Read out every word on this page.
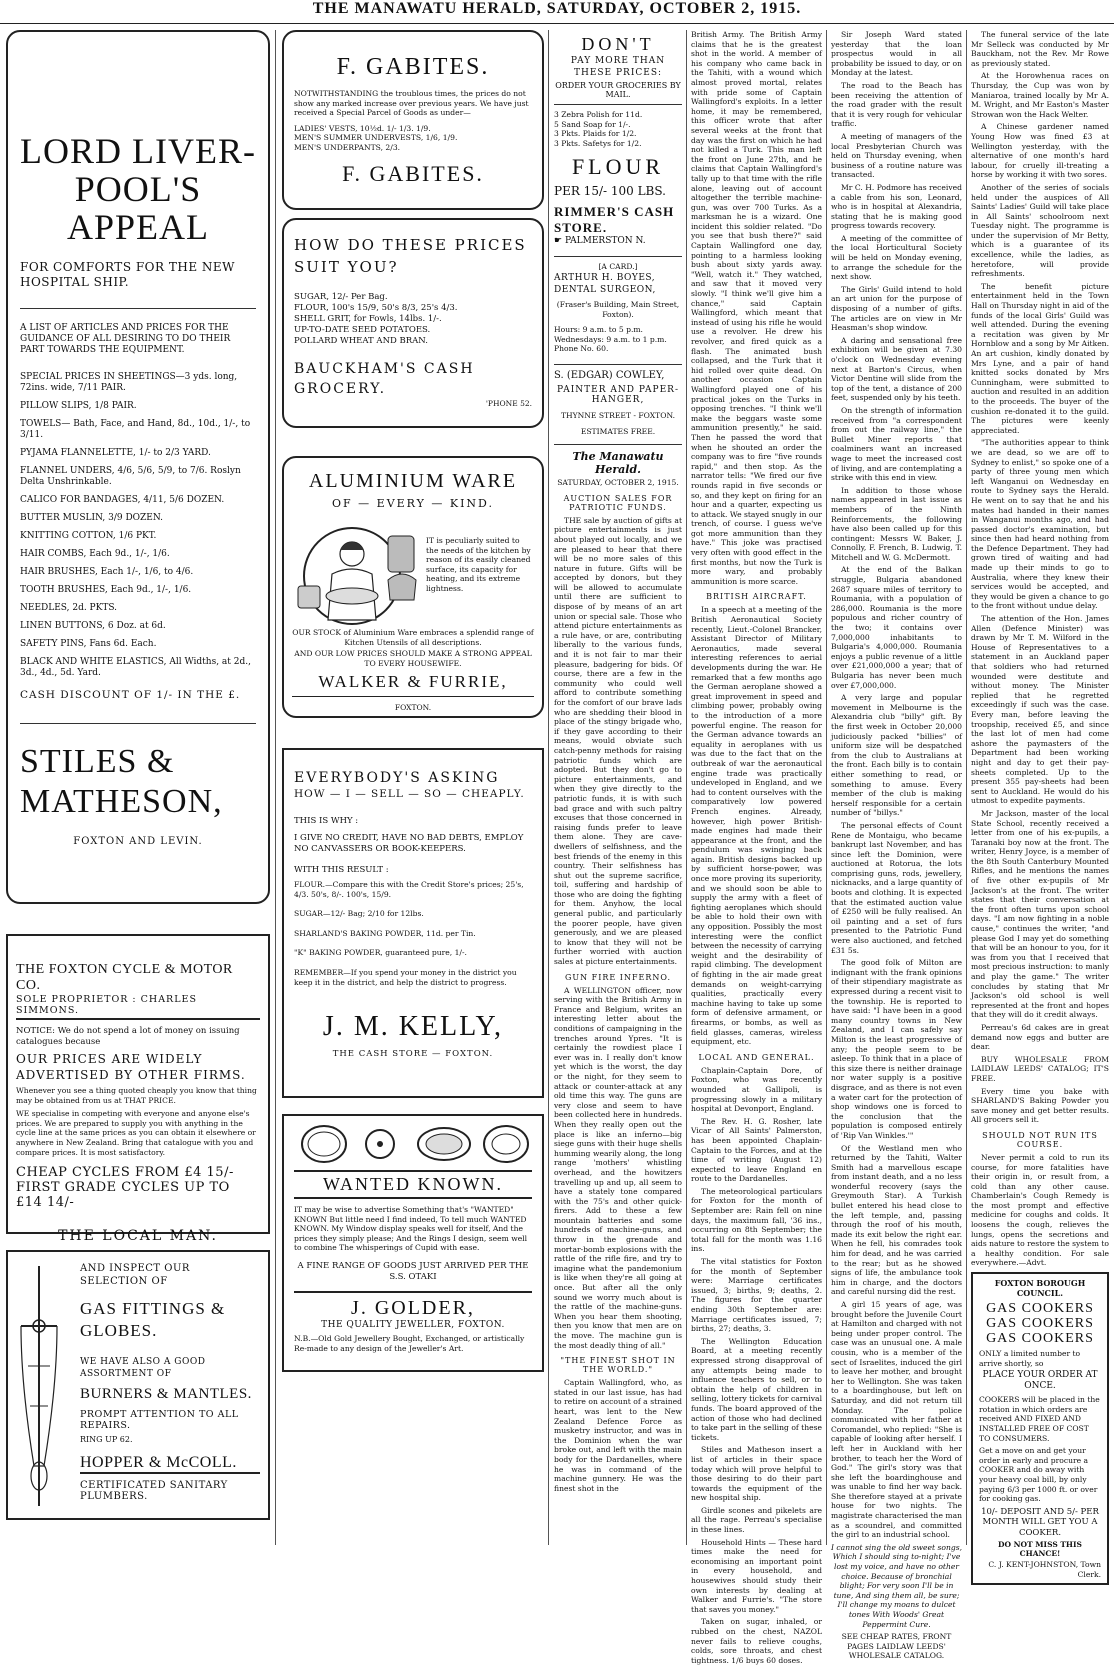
THE MANAWATU HERALD, SATURDAY, OCTOBER 2, 1915.
LORD LIVER-POOL'S APPEAL
FOR COMFORTS FOR THE NEW HOSPITAL SHIP.
A LIST OF ARTICLES AND PRICES FOR THE GUIDANCE OF ALL DESIRING TO DO THEIR PART TOWARDS THE EQUIPMENT.

SPECIAL PRICES IN SHEETINGS—3 yds. long, 72ins. wide, 7/11 PAIR.

PILLOW SLIPS, 1/8 PAIR.

TOWELS— Bath, Face, and Hand, 8d., 10d., 1/-, to 3/11.

PYJAMA FLANNELETTE, 1/- to 2/3 YARD.

FLANNEL UNDERS, 4/6, 5/6, 5/9, to 7/6. Roslyn Delta Unshrinkable.

CALICO FOR BANDAGES, 4/11, 5/6 DOZEN.

BUTTER MUSLIN, 3/9 DOZEN.

KNITTING COTTON, 1/6 PKT.

HAIR COMBS, Each 9d., 1/-, 1/6.

HAIR BRUSHES, Each 1/-, 1/6, to 4/6.

TOOTH BRUSHES, Each 9d., 1/-, 1/6.

NEEDLES, 2d. PKTS.

LINEN BUTTONS, 6 Doz. at 6d.

SAFETY PINS, Fans 6d. Each.

BLACK AND WHITE ELASTICS, All Widths, at 2d., 3d., 4d., 5d. Yard.

CASH DISCOUNT OF 1/- IN THE £.
STILES & MATHESON,
FOXTON AND LEVIN.
THE FOXTON CYCLE & MOTOR CO.
SOLE PROPRIETOR : CHARLES SIMMONS.
NOTICE: We do not spend a lot of money on issuing catalogues because
OUR PRICES ARE WIDELY ADVERTISED BY OTHER FIRMS.
Whenever you see a thing quoted cheaply you know that thing may be obtained from us at THAT PRICE.
WE specialise in competing with everyone and anyone else's prices. We are prepared to supply you with anything in the cycle line at the same prices as you can obtain it elsewhere or anywhere in New Zealand. Bring that catalogue with you and compare prices. It is most satisfactory.
CHEAP CYCLES FROM £4 15/-
FIRST GRADE CYCLES UP TO £14 14/-
THE LOCAL MAN.
AND INSPECT OUR SELECTION OF
GAS FITTINGS & GLOBES.
WE HAVE ALSO A GOOD ASSORTMENT OF
BURNERS & MANTLES.
PROMPT ATTENTION TO ALL REPAIRS.
RING UP 62.
HOPPER & McCOLL.
CERTIFICATED SANITARY PLUMBERS.
F. GABITES.
NOTWITHSTANDING the troublous times, the prices do not show any marked increase over previous years. We have just received a Special Parcel of Goods as under—
LADIES' VESTS, 10½d. 1/- 1/3. 1/9.
MEN'S SUMMER UNDERVESTS, 1/6, 1/9.
MEN'S UNDERPANTS, 2/3.
F. GABITES.
HOW DO THESE PRICES SUIT YOU?
SUGAR, 12/- Per Bag.
FLOUR, 100's 15/9, 50's 8/3, 25's 4/3.
SHELL GRIT, for Fowls, 14lbs. 1/-.
UP-TO-DATE SEED POTATOES.
POLLARD WHEAT AND BRAN.
BAUCKHAM'S CASH GROCERY.
'PHONE 52.
ALUMINIUM WARE
OF — EVERY — KIND.
IT is peculiarly suited to the needs of the kitchen by reason of its easily cleaned surface, its capacity for heating, and its extreme lightness.
OUR STOCK of Aluminium Ware embraces a splendid range of Kitchen Utensils of all descriptions.
AND OUR LOW PRICES SHOULD MAKE A STRONG APPEAL TO EVERY HOUSEWIFE.
WALKER & FURRIE,
FOXTON.
EVERYBODY'S ASKING
HOW — I — SELL — SO — CHEAPLY.
THIS IS WHY :
I GIVE NO CREDIT, HAVE NO BAD DEBTS, EMPLOY NO CANVASSERS OR BOOK-KEEPERS.
WITH THIS RESULT :
FLOUR.—Compare this with the Credit Store's prices; 25's, 4/3. 50's, 8/-. 100's, 15/9.
SUGAR—12/- Bag; 2/10 for 12lbs.
SHARLAND'S BAKING POWDER, 11d. per Tin.
"K" BAKING POWDER, guaranteed pure, 1/-.
REMEMBER—If you spend your money in the district you keep it in the district, and help the district to progress.
J. M. KELLY,
THE CASH STORE — FOXTON.
WANTED KNOWN.
IT may be wise to advertise Something that's "WANTED" KNOWN But little need I find indeed, To tell much WANTED KNOWN. My Window display speaks well for itself, And the prices they simply please; And the Rings I design, seem well to combine The whisperings of Cupid with ease.
A FINE RANGE OF GOODS JUST ARRIVED PER THE S.S. OTAKI
J. GOLDER,
THE QUALITY JEWELLER, FOXTON.
N.B.—Old Gold Jewellery Bought, Exchanged, or artistically Re-made to any design of the Jeweller's Art.
DON'T
PAY MORE THAN THESE PRICES:
ORDER YOUR GROCERIES BY MAIL.
3 Zebra Polish for 11d.
5 Sand Soap for 1/-.
3 Pkts. Plaids for 1/2.
3 Pkts. Safetys for 1/2.
FLOUR
PER 15/- 100 LBS.
RIMMER'S CASH STORE.
☛ PALMERSTON N.
[A CARD.]
ARTHUR H. BOYES, DENTAL SURGEON,
(Fraser's Building, Main Street, Foxton).
Hours: 9 a.m. to 5 p.m. Wednesdays: 9 a.m. to 1 p.m. Phone No. 60.
S. (EDGAR) COWLEY,
PAINTER AND PAPER-HANGER,
THYNNE STREET - FOXTON.
ESTIMATES FREE.
The Manawatu Herald.
SATURDAY, OCTOBER 2, 1915.
AUCTION SALES FOR PATRIOTIC FUNDS.

THE sale by auction of gifts at picture entertainments is just about played out locally, and we are pleased to hear that there will be no more sales of this nature in future. Gifts will be accepted by donors, but they will be allowed to accumulate until there are sufficient to dispose of by means of an art union or special sale. Those who attend picture entertainments as a rule have, or are, contributing liberally to the various funds, and it is not fair to mar their pleasure, badgering for bids. Of course, there are a few in the community who could well afford to contribute something for the comfort of our brave lads who are shedding their blood in place of the stingy brigade who, if they gave according to their means, would obviate such catch-penny methods for raising patriotic funds which are adopted. But they don't go to picture entertainments, and when they give directly to the patriotic funds, it is with such bad grace and with such paltry excuses that those concerned in raising funds prefer to leave them alone. They are cave-dwellers of selfishness, and the best friends of the enemy in this country. Their selfishness has shut out the supreme sacrifice, toil, suffering and hardship of those who are doing the fighting for them. Anyhow, the local general public, and particularly the poorer people, have given generously, and we are pleased to know that they will not be further worried with auction sales at picture entertainments.

GUN FIRE INFERNO.

A WELLINGTON officer, now serving with the British Army in France and Belgium, writes an interesting letter about the conditions of campaigning in the trenches around Ypres. "It is certainly the rowdiest place I ever was in. I really don't know yet which is the worst, the day or the night, for they seem to attack or counter-attack at any old time this way. The guns are very close and seem to have been collected here in hundreds. When they really open out the place is like an inferno—big siege guns with their huge shells humming wearily along, the long range 'mothers' whistling overhead, and the howitzers travelling up and up, all seem to have a stately tone compared with the 75's and other quick-firers. Add to these a few mountain batteries and some hundreds of machine-guns, and throw in the grenade and mortar-bomb explosions with the rattle of the rifle fire, and try to imagine what the pandemonium is like when they're all going at once. But after all the only sound we worry much about is the rattle of the machine-guns. When you hear them shooting, then you know that men are on the move. The machine gun is the most deadly thing of all."

"THE FINEST SHOT IN THE WORLD."

Captain Wallingford, who, as stated in our last issue, has had to retire on account of a strained heart, was lent to the New Zealand Defence Force as musketry instructor, and was in the Dominion when the war broke out, and left with the main body for the Dardanelles, where he was in command of the machine gunnery. He was the finest shot in the

British Army. The British Army claims that he is the greatest shot in the world. A member of his company who came back in the Tahiti, with a wound which almost proved mortal, relates with pride some of Captain Wallingford's exploits. In a letter home, it may be remembered, this officer wrote that after several weeks at the front that day was the first on which he had not killed a Turk. This man left the front on June 27th, and he claims that Captain Wallingford's tally up to that time with the rifle alone, leaving out of account altogether the terrible machine-gun, was over 700 Turks. As a marksman he is a wizard. One incident this soldier related. "Do you see that bush there?" said Captain Wallingford one day, pointing to a harmless looking bush about sixty yards away. "Well, watch it." They watched, and saw that it moved very slowly. "I think we'll give him a chance," said Captain Wallingford, which meant that instead of using his rifle he would use a revolver. He drew his revolver, and fired quick as a flash. The animated bush collapsed, and the Turk that it hid rolled over quite dead. On another occasion Captain Wallingford played one of his practical jokes on the Turks in opposing trenches. "I think we'll make the beggars waste some ammunition presently," he said. Then he passed the word that when he shouted an order the company was to fire "five rounds rapid," and then stop. As the narrator tells: "We fired our five rounds rapid in five seconds or so, and they kept on firing for an hour and a quarter, expecting us to attack. We stayed snugly in our trench, of course. I guess we've got more ammunition than they have." This joke was practised very often with good effect in the first months, but now the Turk is more wary, and probably ammunition is more scarce.

BRITISH AIRCRAFT.

In a speech at a meeting of the British Aeronautical Society recently, Lieut.-Colonel Brancker, Assistant Director of Military Aeronautics, made several interesting references to aerial developments during the war. He remarked that a few months ago the German aeroplane showed a great improvement in speed and climbing power, probably owing to the introduction of a more powerful engine. The reason for the German advance towards an equality in aeroplanes with us was due to the fact that on the outbreak of war the aeronautical engine trade was practically undeveloped in England, and we had to content ourselves with the comparatively low powered French engines. Already, however, high power British-made engines had made their appearance at the front, and the pendulum was swinging back again. British designs backed up by sufficient horse-power, was once more proving its superiority, and we should soon be able to supply the army with a fleet of fighting aeroplanes which should be able to hold their own with any opposition. Possibly the most interesting were the conflict between the necessity of carrying weight and the desirability of rapid climbing. The development of fighting in the air made great demands on weight-carrying qualities, practically every machine having to take up some form of defensive armament, or firearms, or bombs, as well as field glasses, cameras, wireless equipment, etc.

LOCAL AND GENERAL.

Chaplain-Captain Dore, of Foxton, who was recently wounded at Gallipoli, is progressing slowly in a military hospital at Devonport, England.

The Rev. H. G. Rosher, late Vicar of All Saints' Palmerston, has been appointed Chaplain-Captain to the Forces, and at the time of writing (August 12) expected to leave England en route to the Dardanelles.

The meteorological particulars for Foxton for the month of September are: Rain fell on nine days, the maximum fall, '36 ins., occurring on 8th September; the total fall for the month was 1.16 ins.

The vital statistics for Foxton for the month of September were: Marriage certificates issued, 3; births, 9; deaths, 2. The figures for the quarter ending 30th September are: Marriage certificates issued, 7; births, 27; deaths, 3.

The Wellington Education Board, at a meeting recently expressed strong disapproval of any attempts being made to influence teachers to sell, or to obtain the help of children in selling, lottery tickets for carnival funds. The board approved of the action of those who had declined to take part in the selling of these tickets.

Stiles and Matheson insert a list of articles in their space today which will prove helpful to those desiring to do their part towards the equipment of the new hospital ship.

Girdle scones and pikelets are all the rage. Perreau's specialise in these lines.

Household Hints — These hard times make the need for economising an important point in every household, and housewives should study their own interests by dealing at Walker and Furrie's. "The store that saves you money."

Taken on sugar, inhaled, or rubbed on the chest, NAZOL never fails to relieve coughs, colds, sore throats, and chest tightness. 1/6 buys 60 doses.

Sir Joseph Ward stated yesterday that the loan prospectus would in all probability be issued to day, or on Monday at the latest.

The road to the Beach has been receiving the attention of the road grader with the result that it is very rough for vehicular traffic.

A meeting of managers of the local Presbyterian Church was held on Thursday evening, when business of a routine nature was transacted.

Mr C. H. Podmore has received a cable from his son, Leonard, who is in hospital at Alexandria, stating that he is making good progress towards recovery.

A meeting of the committee of the local Horticultural Society will be held on Monday evening, to arrange the schedule for the next show.

The Girls' Guild intend to hold an art union for the purpose of disposing of a number of gifts. The articles are on view in Mr Heasman's shop window.

A daring and sensational free exhibition will be given at 7.30 o'clock on Wednesday evening next at Barton's Circus, when Victor Dentine will slide from the top of the tent, a distance of 200 feet, suspended only by his teeth.

On the strength of information received from "a correspondent from out the railway line," the Bullet Miner reports that coalminers want an increased wage to meet the increased cost of living, and are contemplating a strike with this end in view.

In addition to those whose names appeared in last issue as members of the Ninth Reinforcements, the following have also been called up for this contingent: Messrs W. Baker, J. Connolly, F. French, B. Ludwig, T. Mitchell and W. G. McDermott.

At the end of the Balkan struggle, Bulgaria abandoned 2687 square miles of territory to Roumania, with a population of 286,000. Roumania is the more populous and richer country of the two; it contains over 7,000,000 inhabitants to Bulgaria's 4,000,000. Roumania enjoys a public revenue of a little over £21,000,000 a year; that of Bulgaria has never been much over £7,000,000.

A very large and popular movement in Melbourne is the Alexandria club "billy" gift. By the first week in October 20,000 judiciously packed "billies" of uniform size will be despatched from the club to Australians at the front. Each billy is to contain either something to read, or something to amuse. Every member of the club is making herself responsible for a certain number of "billys."

The personal effects of Count Rene de Montaigu, who became bankrupt last November, and has since left the Dominion, were auctioned at Rotorua, the lots comprising guns, rods, jewellery, nicknacks, and a large quantity of boots and clothing. It is expected that the estimated auction value of £250 will be fully realised. An oil painting and a set of furs presented to the Patriotic Fund were also auctioned, and fetched £31 5s.

The good folk of Milton are indignant with the frank opinions of their stipendiary magistrate as expressed during a recent visit to the township. He is reported to have said: "I have been in a good many country towns in New Zealand, and I can safely say Milton is the least progressive of any; the people seem to be asleep. To think that in a place of this size there is neither drainage nor water supply is a positive disgrace, and as there is not even a water cart for the protection of shop windows one is forced to the conclusion that the population is composed entirely of 'Rip Van Winkles.'"

Of the Westland men who returned by the Tahiti, Walter Smith had a marvellous escape from instant death, and a no less wonderful recovery (says the Greymouth Star). A Turkish bullet entered his head close to the left temple, and, passing through the roof of his mouth, made its exit below the right ear. When he fell, his comrades took him for dead, and he was carried to the rear; but as he showed signs of life, the ambulance took him in charge, and the doctors and careful nursing did the rest.

A girl 15 years of age, was brought before the Juvenile Court at Hamilton and charged with not being under proper control. The case was an unusual one. A male cousin, who is a member of the sect of Israelites, induced the girl to leave her mother, and brought her to Wellington. She was taken to a boardinghouse, but left on Saturday, and did not return till Monday. The police communicated with her father at Coromandel, who replied: "She is capable of looking after herself. I left her in Auckland with her brother, to teach her the Word of God." The girl's story was that she left the boardinghouse and was unable to find her way back. She therefore stayed at a private house for two nights. The magistrate characterised the man as a scoundrel, and committed the girl to an industrial school.

I cannot sing the old sweet songs, Which I should sing to-night; I've lost my voice, and have no other choice. Because of bronchial blight; For very soon I'll be in tune, And sing them all, be sure; I'll change my moans to dulcet tones With Woods' Great Peppermint Cure.

SEE CHEAP RATES, FRONT PAGES LAIDLAW LEEDS' WHOLESALE CATALOG.

The funeral service of the late Mr Selleck was conducted by Mr Bauckham, not the Rev. Mr Rowe as previously stated.

At the Horowhenua races on Thursday, the Cup was won by Maniaroa, trained locally by Mr A. M. Wright, and Mr Easton's Master Strowan won the Hack Welter.

A Chinese gardener named Young How was fined £3 at Wellington yesterday, with the alternative of one month's hard labour, for cruelly ill-treating a horse by working it with two sores.

Another of the series of socials held under the auspices of All Saints' Ladies' Guild will take place in All Saints' schoolroom next Tuesday night. The programme is under the supervision of Mr Betty, which is a guarantee of its excellence, while the ladies, as heretofore, will provide refreshments.

The benefit picture entertainment held in the Town Hall on Thursday night in aid of the funds of the local Girls' Guild was well attended. During the evening a recitation was given by Mr Hornblow and a song by Mr Aitken. An art cushion, kindly donated by Mrs Lyne, and a pair of hand knitted socks donated by Mrs Cunningham, were submitted to auction and resulted in an addition to the proceeds. The buyer of the cushion re-donated it to the guild. The pictures were keenly appreciated.

"The authorities appear to think we are dead, so we are off to Sydney to enlist," so spoke one of a party of three young men which left Wanganui on Wednesday en route to Sydney says the Herald. He went on to say that he and his mates had handed in their names in Wanganui months ago, and had passed doctor's examination, but since then had heard nothing from the Defence Department. They had grown tired of waiting and had made up their minds to go to Australia, where they knew their services would be accepted, and they would be given a chance to go to the front without undue delay.

The attention of the Hon. James Allen (Defence Minister) was drawn by Mr T. M. Wilford in the House of Representatives to a statement in an Auckland paper that soldiers who had returned wounded were destitute and without money. The Minister replied that he regretted exceedingly if such was the case. Every man, before leaving the troopship, received £5, and since the last lot of men had come ashore the paymasters of the Department had been working night and day to get their pay-sheets completed. Up to the present 355 pay-sheets had been sent to Auckland. He would do his utmost to expedite payments.

Mr Jackson, master of the local State School, recently received a letter from one of his ex-pupils, a Taranaki boy now at the front. The writer, Henry Joyce, is a member of the 8th South Canterbury Mounted Rifles, and he mentions the names of five other ex-pupils of Mr Jackson's at the front. The writer states that their conversation at the front often turns upon school days. "I am now fighting in a noble cause," continues the writer, "and please God I may yet do something that will be an honour to you, for it was from you that I received that most precious instruction: to manly and play the game." The writer concludes by stating that Mr Jackson's old school is well represented at the front and hopes that they will do it credit always.

Perreau's 6d cakes are in great demand now eggs and butter are dear.

BUY WHOLESALE FROM LAIDLAW LEEDS' CATALOG; IT'S FREE.

Every time you bake with SHARLAND'S Baking Powder you save money and get better results. All grocers sell it.

SHOULD NOT RUN ITS COURSE.

Never permit a cold to run its course, for more fatalities have their origin in, or result from, a cold than any other cause. Chamberlain's Cough Remedy is the most prompt and effective medicine for coughs and colds. It loosens the cough, relieves the lungs, opens the secretions and aids nature to restore the system to a healthy condition. For sale everywhere.—Advt.

FOXTON BOROUGH COUNCIL.
GAS COOKERS
GAS COOKERS
GAS COOKERS
ONLY a limited number to arrive shortly, so
PLACE YOUR ORDER AT ONCE.
COOKERS will be placed in the rotation in which orders are received AND FIXED AND INSTALLED FREE OF COST TO CONSUMERS.
Get a move on and get your order in early and procure a COOKER and do away with your heavy coal bill, by only paying 6/3 per 1000 ft. or over for cooking gas.
10/- DEPOSIT AND 5/- PER MONTH WILL GET YOU A COOKER.
DO NOT MISS THIS CHANCE!
C. J. KENT-JOHNSTON, Town Clerk.
